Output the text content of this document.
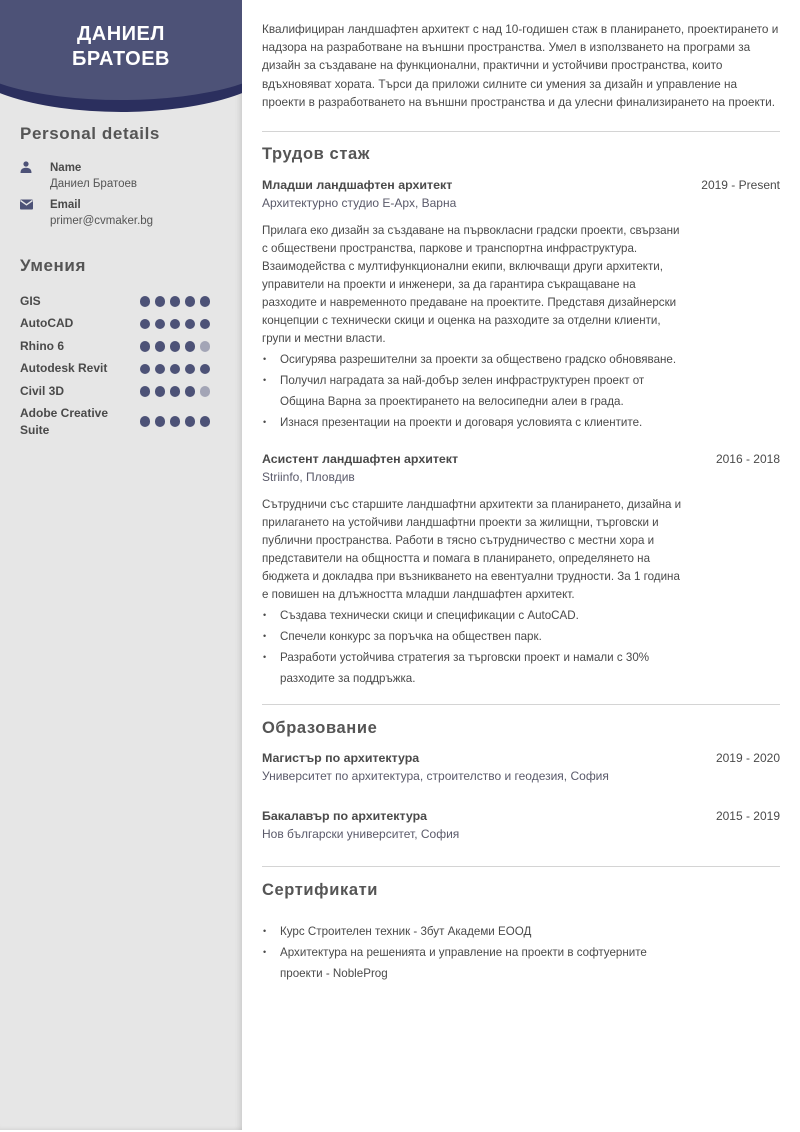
ДАНИЕЛ
БРАТОЕВ
Personal details
Name
Даниел Братоев
Email
primer@cvmaker.bg
Умения
GIS
AutoCAD
Rhino 6
Autodesk Revit
Civil 3D
Adobe Creative Suite

Квалифициран ландшафтен архитект с над 10-годишен стаж в планирането, проектирането и надзора на разработване на външни пространства. Умел в използването на програми за дизайн за създаване на функционални, практични и устойчиви пространства, които вдъхновяват хората. Търси да приложи силните си умения за дизайн и управление на проекти в разработването на външни пространства и да улесни финализирането на проекти.

Трудов стаж
Младши ландшафтен архитект	2019 - Present
Архитектурно студио Е-Арх, Варна

Прилага еко дизайн за създаване на първокласни градски проекти, свързани с обществени пространства, паркове и транспортна инфраструктура. Взаимодейства с мултифункционални екипи, включващи други архитекти, управители на проекти и инженери, за да гарантира съкращаване на разходите и навременното предаване на проектите. Представя дизайнерски концепции с технически скици и оценка на разходите за отделни клиенти, групи и местни власти.

• Осигурява разрешителни за проекти за обществено градско обновяване.
• Получил наградата за най-добър зелен инфраструктурен проект от Община Варна за проектирането на велосипедни алеи в града.
• Изнася презентации на проекти и договаря условията с клиентите.
Асистент ландшафтен архитект	2016 - 2018
Striinfo, Пловдив

Сътрудничи със старшите ландшафтни архитекти за планирането, дизайна и прилагането на устойчиви ландшафтни проекти за жилищни, търговски и публични пространства. Работи в тясно сътрудничество с местни хора и представители на общността и помага в планирането, определянето на бюджета и докладва при възникването на евентуални трудности. За 1 година е повишен на длъжността младши ландшафтен архитект.

• Създава технически скици и спецификации с AutoCAD.
• Спечели конкурс за поръчка на обществен парк.
• Разработи устойчива стратегия за търговски проект и намали с 30% разходите за поддръжка.
Образование
Магистър по архитектура	2019 - 2020
Университет по архитектура, строителство и геодезия, София
Бакалавър по архитектура	2015 - 2019
Нов български университет, София
Сертификати
• Курс Строителен техник - 3бут Академи ЕООД
• Архитектура на решенията и управление на проекти в софтуерните проекти - NobleProg
